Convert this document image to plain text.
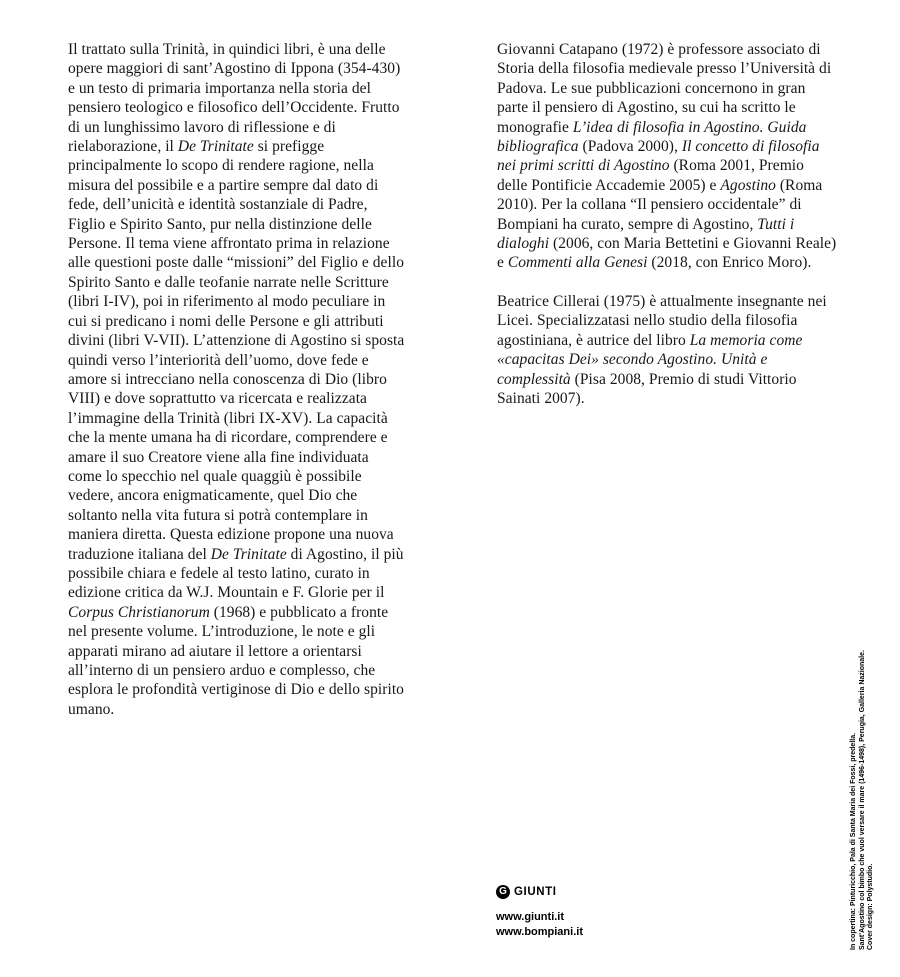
Il trattato sulla Trinità, in quindici libri, è una delle opere maggiori di sant’Agostino di Ippona (354-430) e un testo di primaria importanza nella storia del pensiero teologico e filosofico dell’Occidente. Frutto di un lunghissimo lavoro di riflessione e di rielaborazione, il De Trinitate si prefigge principalmente lo scopo di rendere ragione, nella misura del possibile e a partire sempre dal dato di fede, dell’unicità e identità sostanziale di Padre, Figlio e Spirito Santo, pur nella distinzione delle Persone. Il tema viene affrontato prima in relazione alle questioni poste dalle “missioni” del Figlio e dello Spirito Santo e dalle teofanie narrate nelle Scritture (libri I-IV), poi in riferimento al modo peculiare in cui si predicano i nomi delle Persone e gli attributi divini (libri V-VII). L’attenzione di Agostino si sposta quindi verso l’interiorità dell’uomo, dove fede e amore si intrecciano nella conoscenza di Dio (libro VIII) e dove soprattutto va ricercata e realizzata l’immagine della Trinità (libri IX-XV). La capacità che la mente umana ha di ricordare, comprendere e amare il suo Creatore viene alla fine individuata come lo specchio nel quale quaggiù è possibile vedere, ancora enigmaticamente, quel Dio che soltanto nella vita futura si potrà contemplare in maniera diretta. Questa edizione propone una nuova traduzione italiana del De Trinitate di Agostino, il più possibile chiara e fedele al testo latino, curato in edizione critica da W.J. Mountain e F. Glorie per il Corpus Christianorum (1968) e pubblicato a fronte nel presente volume. L’introduzione, le note e gli apparati mirano ad aiutare il lettore a orientarsi all’interno di un pensiero arduo e complesso, che esplora le profondità vertiginose di Dio e dello spirito umano.

Giovanni Catapano (1972) è professore associato di Storia della filosofia medievale presso l’Università di Padova. Le sue pubblicazioni concernono in gran parte il pensiero di Agostino, su cui ha scritto le monografie L’idea di filosofia in Agostino. Guida bibliografica (Padova 2000), Il concetto di filosofia nei primi scritti di Agostino (Roma 2001, Premio delle Pontificie Accademie 2005) e Agostino (Roma 2010). Per la collana “Il pensiero occidentale” di Bompiani ha curato, sempre di Agostino, Tutti i dialoghi (2006, con Maria Bettetini e Giovanni Reale) e Commenti alla Genesi (2018, con Enrico Moro).

Beatrice Cillerai (1975) è attualmente insegnante nei Licei. Specializzatasi nello studio della filosofia agostiniana, è autrice del libro La memoria come «capacitas Dei» secondo Agostino. Unità e complessità (Pisa 2008, Premio di studi Vittorio Sainati 2007).

G GIUNTI
www.giunti.it
www.bompiani.it	In copertina: Pinturicchio, Pala di Santa Maria dei Fossi, predella. Sant’Agostino col bimbo che vuol versare il mare (1496-1498), Perugia, Galleria Nazionale. Cover design: Polystudio.
